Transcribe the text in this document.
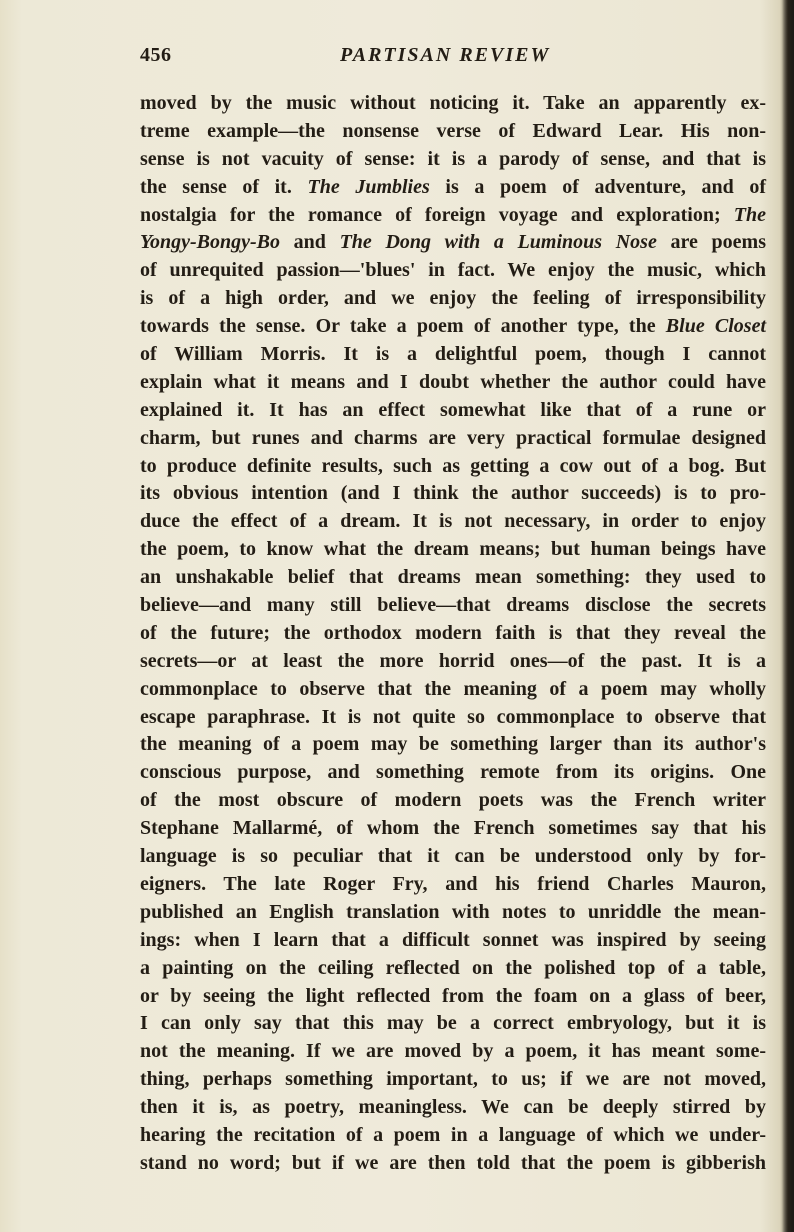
456	PARTISAN REVIEW
moved by the music without noticing it. Take an apparently ex-
treme example—the nonsense verse of Edward Lear. His non-
sense is not vacuity of sense: it is a parody of sense, and that is
the sense of it. The Jumblies is a poem of adventure, and of
nostalgia for the romance of foreign voyage and exploration; The
Yongy-Bongy-Bo and The Dong with a Luminous Nose are poems
of unrequited passion—'blues' in fact. We enjoy the music, which
is of a high order, and we enjoy the feeling of irresponsibility
towards the sense. Or take a poem of another type, the Blue Closet
of William Morris. It is a delightful poem, though I cannot
explain what it means and I doubt whether the author could have
explained it. It has an effect somewhat like that of a rune or
charm, but runes and charms are very practical formulae designed
to produce definite results, such as getting a cow out of a bog. But
its obvious intention (and I think the author succeeds) is to pro-
duce the effect of a dream. It is not necessary, in order to enjoy
the poem, to know what the dream means; but human beings have
an unshakable belief that dreams mean something: they used to
believe—and many still believe—that dreams disclose the secrets
of the future; the orthodox modern faith is that they reveal the
secrets—or at least the more horrid ones—of the past. It is a
commonplace to observe that the meaning of a poem may wholly
escape paraphrase. It is not quite so commonplace to observe that
the meaning of a poem may be something larger than its author's
conscious purpose, and something remote from its origins. One
of the most obscure of modern poets was the French writer
Stephane Mallarmé, of whom the French sometimes say that his
language is so peculiar that it can be understood only by for-
eigners. The late Roger Fry, and his friend Charles Mauron,
published an English translation with notes to unriddle the mean-
ings: when I learn that a difficult sonnet was inspired by seeing
a painting on the ceiling reflected on the polished top of a table,
or by seeing the light reflected from the foam on a glass of beer,
I can only say that this may be a correct embryology, but it is
not the meaning. If we are moved by a poem, it has meant some-
thing, perhaps something important, to us; if we are not moved,
then it is, as poetry, meaningless. We can be deeply stirred by
hearing the recitation of a poem in a language of which we under-
stand no word; but if we are then told that the poem is gibberish
